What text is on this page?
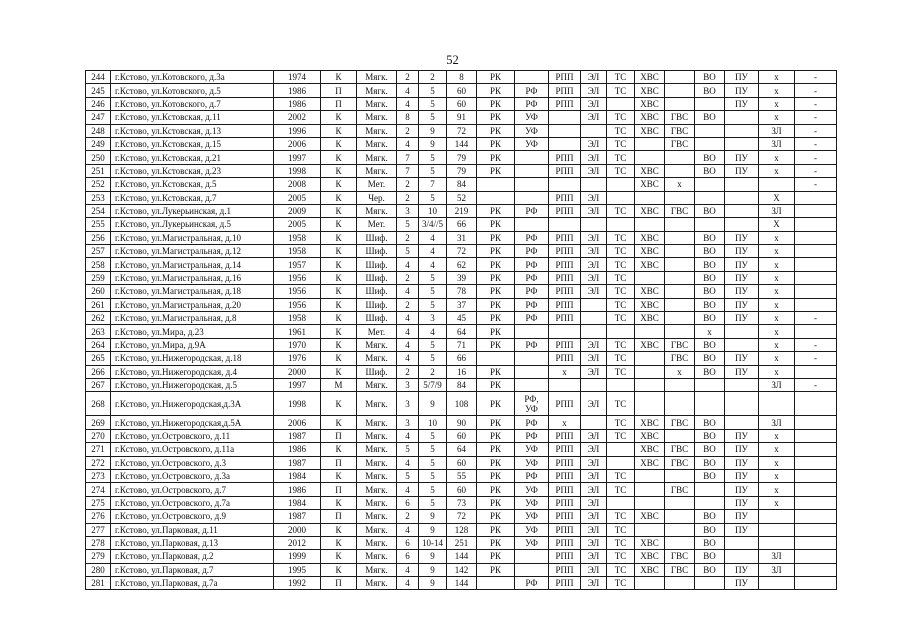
52
244	г.Кстово, ул.Котовского, д.3а	1974	К	Мягк.	2	2	8	РК		РПП	ЭЛ	ТС	ХВС		ВО	ПУ	х	-
245	г.Кстово, ул.Котовского, д.5	1986	П	Мягк.	4	5	60	РК	РФ	РПП	ЭЛ	ТС	ХВС		ВО	ПУ	х	-
246	г.Кстово, ул.Котовского, д.7	1986	П	Мягк.	4	5	60	РК	РФ	РПП	ЭЛ		ХВС			ПУ	х	-
247	г.Кстово, ул.Кстовская, д.11	2002	К	Мягк.	8	5	91	РК	УФ		ЭЛ	ТС	ХВС	ГВС	ВО		х	-
248	г.Кстово, ул.Кстовская, д.13	1996	К	Мягк.	2	9	72	РК	УФ			ТС	ХВС	ГВС			ЗЛ	-
249	г.Кстово, ул.Кстовская, д.15	2006	К	Мягк.	4	9	144	РК	УФ		ЭЛ	ТС		ГВС			ЗЛ	-
250	г.Кстово, ул.Кстовская, д.21	1997	К	Мягк.	7	5	79	РК		РПП	ЭЛ	ТС			ВО	ПУ	х	-
251	г.Кстово, ул.Кстовская, д.23	1998	К	Мягк.	7	5	79	РК		РПП	ЭЛ	ТС	ХВС		ВО	ПУ	х	-
252	г.Кстово, ул.Кстовская, д.5	2008	К	Мет.	2	7	84						ХВС	х				-
253	г.Кстово, ул.Кстовская, д.7	2005	К	Чер.	2	5	52			РПП	ЭЛ						Х	
254	г.Кстово, ул.Лукерьинская, д.1	2009	К	Мягк.	3	10	219	РК	РФ	РПП	ЭЛ	ТС	ХВС	ГВС	ВО		ЗЛ	
255	г.Кстово, ул.Лукерьинская, д.5	2005	К	Мет.	5	3/4//5	66	РК									Х	
256	г.Кстово, ул.Магистральная, д.10	1958	К	Шиф.	2	4	31	РК	РФ	РПП	ЭЛ	ТС	ХВС		ВО	ПУ	х	
257	г.Кстово, ул.Магистральная, д.12	1958	К	Шиф.	5	4	72	РК	РФ	РПП	ЭЛ	ТС	ХВС		ВО	ПУ	х	
258	г.Кстово, ул.Магистральная, д.14	1957	К	Шиф.	4	4	62	РК	РФ	РПП	ЭЛ	ТС	ХВС		ВО	ПУ	х	
259	г.Кстово, ул.Магистральная, д.16	1956	К	Шиф.	2	5	39	РК	РФ	РПП	ЭЛ	ТС			ВО	ПУ	х	
260	г.Кстово, ул.Магистральная, д.18	1956	К	Шиф.	4	5	78	РК	РФ	РПП	ЭЛ	ТС	ХВС		ВО	ПУ	х	
261	г.Кстово, ул.Магистральная, д.20	1956	К	Шиф.	2	5	37	РК	РФ	РПП		ТС	ХВС		ВО	ПУ	х	
262	г.Кстово, ул.Магистральная, д.8	1958	К	Шиф.	4	3	45	РК	РФ	РПП		ТС	ХВС		ВО	ПУ	х	-
263	г.Кстово, ул.Мира, д.23	1961	К	Мет.	4	4	64	РК							х		х	
264	г.Кстово, ул.Мира, д.9А	1970	К	Мягк.	4	5	71	РК	РФ	РПП	ЭЛ	ТС	ХВС	ГВС	ВО		х	-
265	г.Кстово, ул.Нижегородская, д.18	1976	К	Мягк.	4	5	66			РПП	ЭЛ	ТС		ГВС	ВО	ПУ	х	-
266	г.Кстово, ул.Нижегородская, д.4	2000	К	Шиф.	2	2	16	РК		х	ЭЛ	ТС		х	ВО	ПУ	х	
267	г.Кстово, ул.Нижегородская, д.5	1997	М	Мягк.	3	5/7/9	84	РК									ЗЛ	-
268	г.Кстово, ул.Нижегородская,д.3А	1998	К	Мягк.	3	9	108	РК	РФ, УФ	РПП	ЭЛ	ТС						
269	г.Кстово, ул.Нижегородская,д.5А	2006	К	Мягк.	3	10	90	РК	РФ	х		ТС	ХВС	ГВС	ВО		ЗЛ	
270	г.Кстово, ул.Островского, д.11	1987	П	Мягк.	4	5	60	РК	РФ	РПП	ЭЛ	ТС	ХВС		ВО	ПУ	х	
271	г.Кстово, ул.Островского, д.11а	1986	К	Мягк.	5	5	64	РК	УФ	РПП	ЭЛ		ХВС	ГВС	ВО	ПУ	х	
272	г.Кстово, ул.Островского, д.3	1987	П	Мягк.	4	5	60	РК	УФ	РПП	ЭЛ		ХВС	ГВС	ВО	ПУ	х	
273	г.Кстово, ул.Островского, д.3а	1984	К	Мягк.	5	5	55	РК	РФ	РПП	ЭЛ	ТС			ВО	ПУ	х	
274	г.Кстово, ул.Островского, д.7	1986	П	Мягк.	4	5	60	РК	УФ	РПП	ЭЛ	ТС		ГВС		ПУ	х	
275	г.Кстово, ул.Островского, д.7а	1984	К	Мягк.	6	5	73	РК	УФ	РПП	ЭЛ					ПУ	х	
276	г.Кстово, ул.Островского, д.9	1987	П	Мягк.	2	9	72	РК	УФ	РПП	ЭЛ	ТС	ХВС		ВО	ПУ		
277	г.Кстово, ул.Парковая, д.11	2000	К	Мягк.	4	9	128	РК	УФ	РПП	ЭЛ	ТС			ВО	ПУ		
278	г.Кстово, ул.Парковая, д.13	2012	К	Мягк.	6	10-14	251	РК	УФ	РПП	ЭЛ	ТС	ХВС		ВО			
279	г.Кстово, ул.Парковая, д.2	1999	К	Мягк.	6	9	144	РК		РПП	ЭЛ	ТС	ХВС	ГВС	ВО		ЗЛ	
280	г.Кстово, ул.Парковая, д.7	1995	К	Мягк.	4	9	142	РК		РПП	ЭЛ	ТС	ХВС	ГВС	ВО	ПУ	ЗЛ	
281	г.Кстово, ул.Парковая, д.7а	1992	П	Мягк.	4	9	144		РФ	РПП	ЭЛ	ТС				ПУ		
